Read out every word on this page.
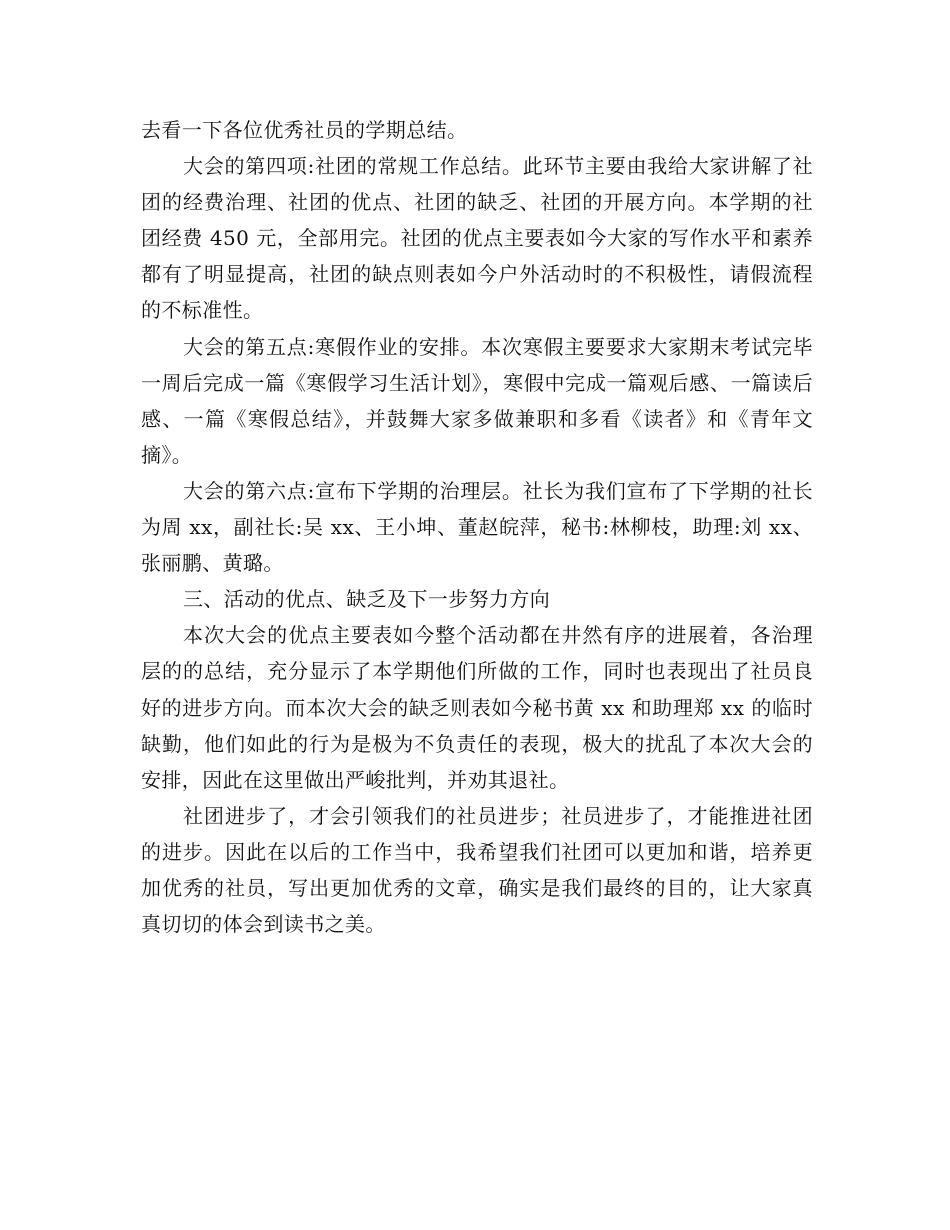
去看一下各位优秀社员的学期总结。

大会的第四项:社团的常规工作总结。此环节主要由我给大家讲解了社团的经费治理、社团的优点、社团的缺乏、社团的开展方向。本学期的社团经费 450 元，全部用完。社团的优点主要表如今大家的写作水平和素养都有了明显提高，社团的缺点则表如今户外活动时的不积极性，请假流程的不标准性。

大会的第五点:寒假作业的安排。本次寒假主要要求大家期末考试完毕一周后完成一篇《寒假学习生活计划》，寒假中完成一篇观后感、一篇读后感、一篇《寒假总结》，并鼓舞大家多做兼职和多看《读者》和《青年文摘》。

大会的第六点:宣布下学期的治理层。社长为我们宣布了下学期的社长为周 xx，副社长:吴 xx、王小坤、董赵皖萍，秘书:林柳枝，助理:刘 xx、张丽鹏、黄璐。

三、活动的优点、缺乏及下一步努力方向

本次大会的优点主要表如今整个活动都在井然有序的进展着，各治理层的的总结，充分显示了本学期他们所做的工作，同时也表现出了社员良好的进步方向。而本次大会的缺乏则表如今秘书黄 xx 和助理郑 xx 的临时缺勤，他们如此的行为是极为不负责任的表现，极大的扰乱了本次大会的安排，因此在这里做出严峻批判，并劝其退社。

社团进步了，才会引领我们的社员进步；社员进步了，才能推进社团的进步。因此在以后的工作当中，我希望我们社团可以更加和谐，培养更加优秀的社员，写出更加优秀的文章，确实是我们最终的目的，让大家真真切切的体会到读书之美。
